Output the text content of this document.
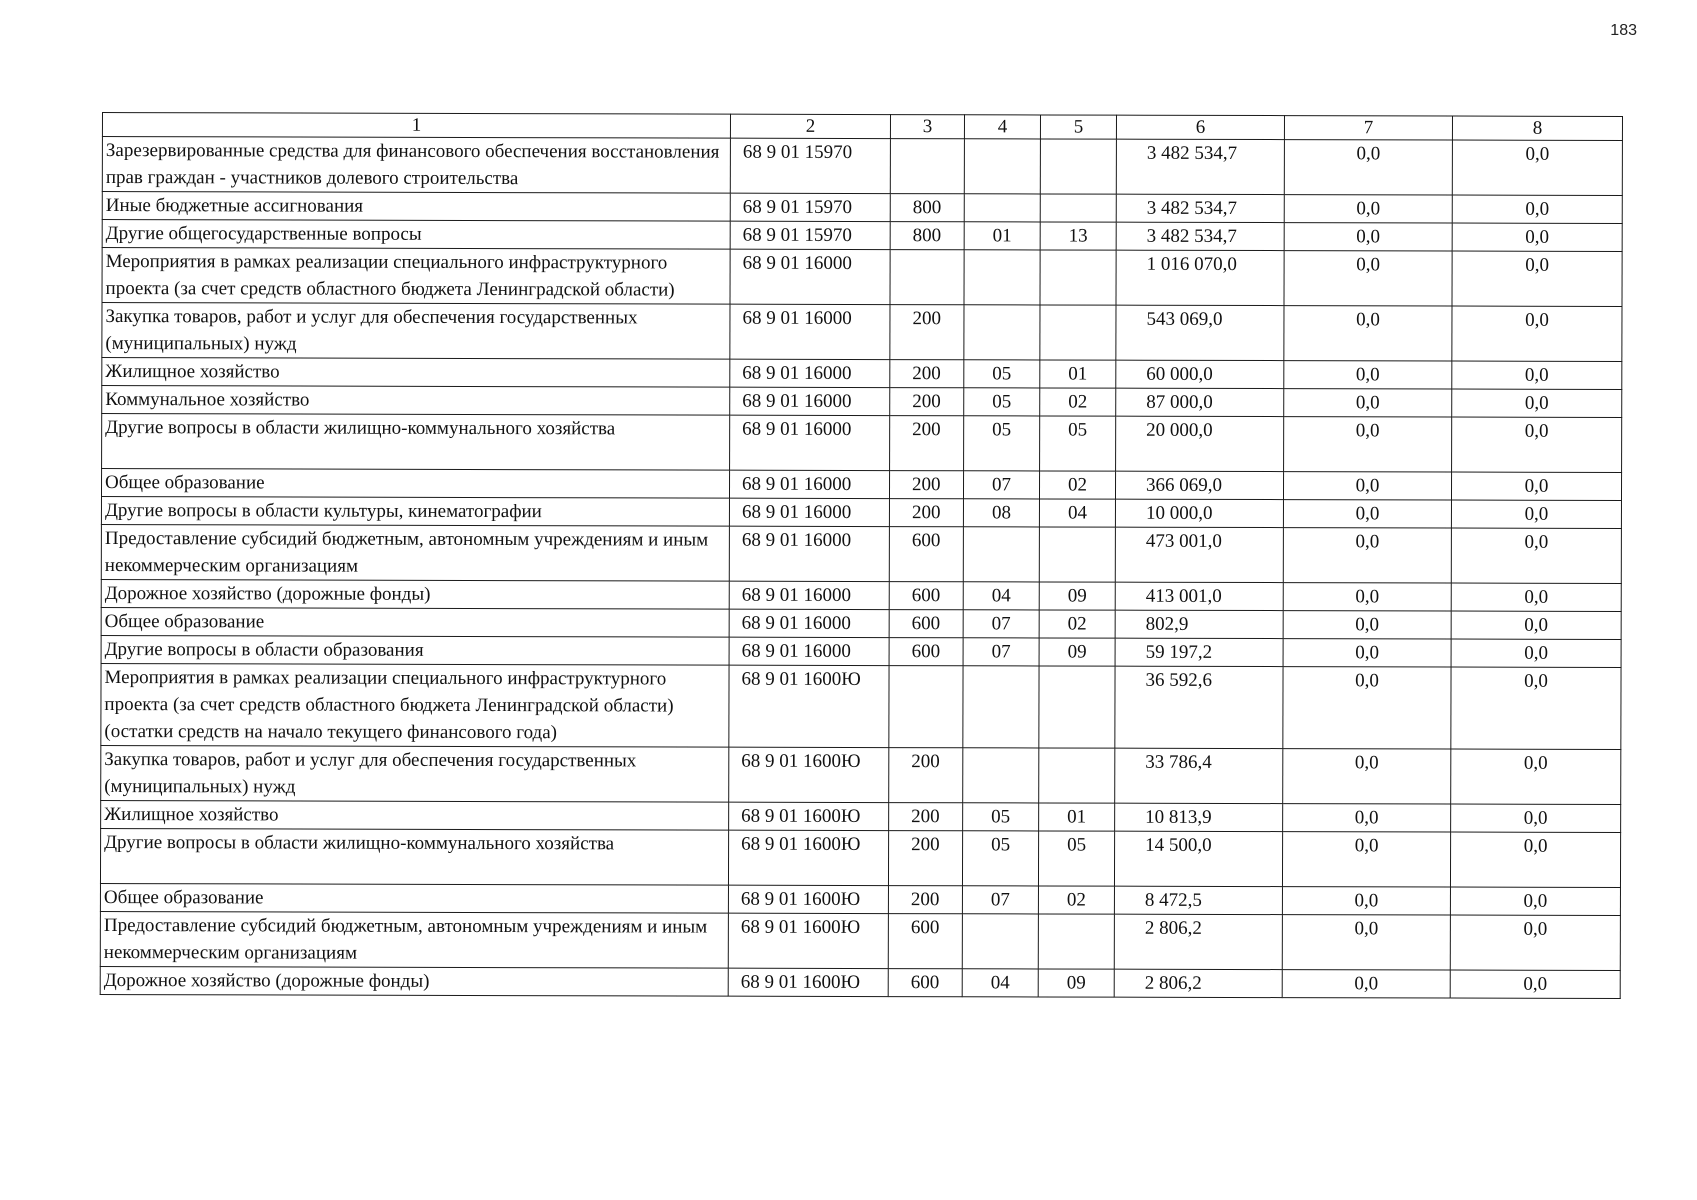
183
1	2	3	4	5	6	7	8
Зарезервированные средства для финансового обеспечения восстановления прав граждан - участников долевого строительства	68 9 01 15970				3 482 534,7	0,0	0,0
Иные бюджетные ассигнования	68 9 01 15970	800			3 482 534,7	0,0	0,0
Другие общегосударственные вопросы	68 9 01 15970	800	01	13	3 482 534,7	0,0	0,0
Мероприятия в рамках реализации специального инфраструктурного проекта (за счет средств областного бюджета Ленинградской области)	68 9 01 16000				1 016 070,0	0,0	0,0
Закупка товаров, работ и услуг для обеспечения государственных (муниципальных) нужд	68 9 01 16000	200			543 069,0	0,0	0,0
Жилищное хозяйство	68 9 01 16000	200	05	01	60 000,0	0,0	0,0
Коммунальное хозяйство	68 9 01 16000	200	05	02	87 000,0	0,0	0,0
Другие вопросы в области жилищно-коммунального хозяйства	68 9 01 16000	200	05	05	20 000,0	0,0	0,0
Общее образование	68 9 01 16000	200	07	02	366 069,0	0,0	0,0
Другие вопросы в области культуры, кинематографии	68 9 01 16000	200	08	04	10 000,0	0,0	0,0
Предоставление субсидий бюджетным, автономным учреждениям и иным некоммерческим организациям	68 9 01 16000	600			473 001,0	0,0	0,0
Дорожное хозяйство (дорожные фонды)	68 9 01 16000	600	04	09	413 001,0	0,0	0,0
Общее образование	68 9 01 16000	600	07	02	802,9	0,0	0,0
Другие вопросы в области образования	68 9 01 16000	600	07	09	59 197,2	0,0	0,0
Мероприятия в рамках реализации специального инфраструктурного проекта (за счет средств областного бюджета Ленинградской области) (остатки средств на начало текущего финансового года)	68 9 01 1600Ю				36 592,6	0,0	0,0
Закупка товаров, работ и услуг для обеспечения государственных (муниципальных) нужд	68 9 01 1600Ю	200			33 786,4	0,0	0,0
Жилищное хозяйство	68 9 01 1600Ю	200	05	01	10 813,9	0,0	0,0
Другие вопросы в области жилищно-коммунального хозяйства	68 9 01 1600Ю	200	05	05	14 500,0	0,0	0,0
Общее образование	68 9 01 1600Ю	200	07	02	8 472,5	0,0	0,0
Предоставление субсидий бюджетным, автономным учреждениям и иным некоммерческим организациям	68 9 01 1600Ю	600			2 806,2	0,0	0,0
Дорожное хозяйство (дорожные фонды)	68 9 01 1600Ю	600	04	09	2 806,2	0,0	0,0
